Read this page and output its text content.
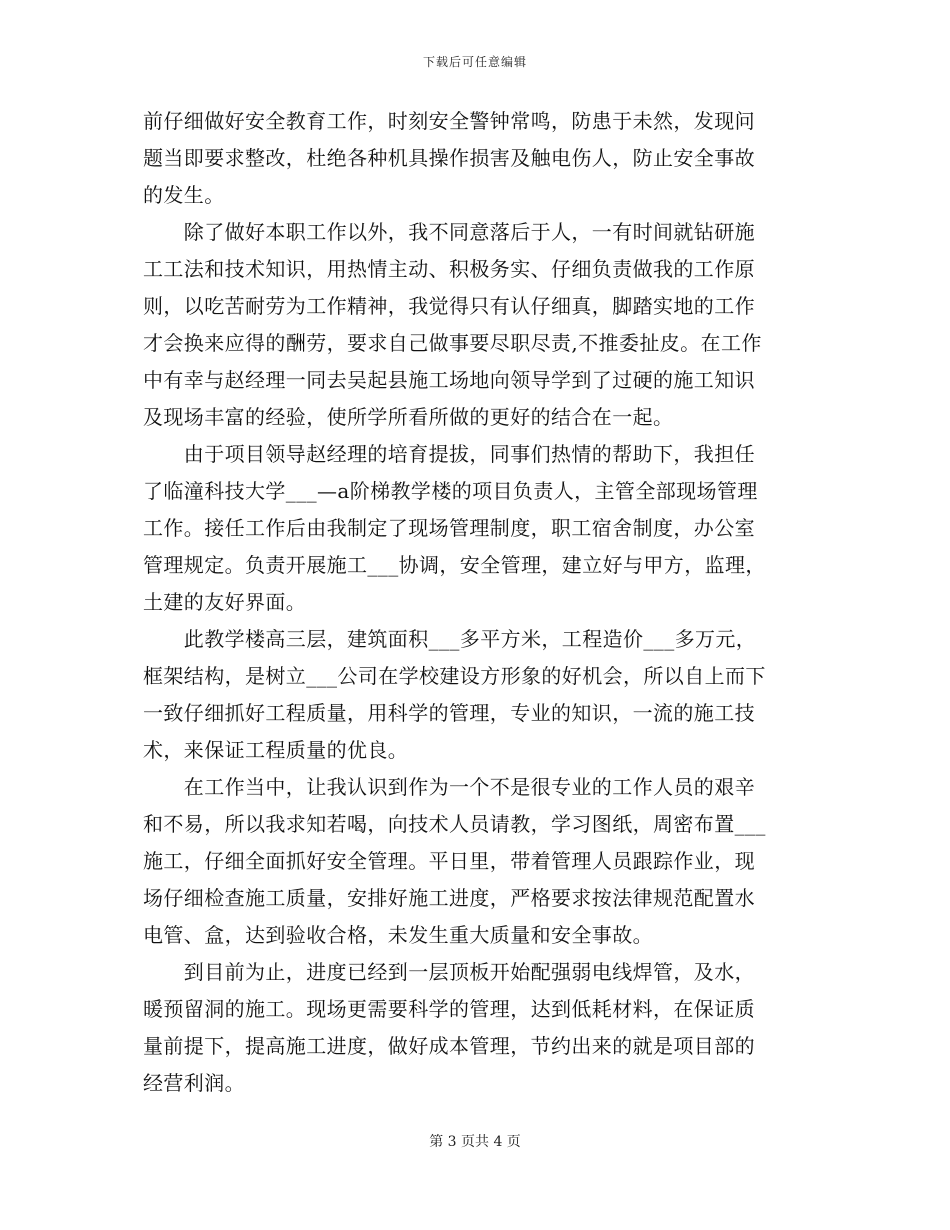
下载后可任意编辑
前仔细做好安全教育工作，时刻安全警钟常鸣，防患于未然，发现问
题当即要求整改，杜绝各种机具操作损害及触电伤人，防止安全事故
的发生。
　　除了做好本职工作以外，我不同意落后于人，一有时间就钻研施
工工法和技术知识，用热情主动、积极务实、仔细负责做我的工作原
则，以吃苦耐劳为工作精神，我觉得只有认仔细真，脚踏实地的工作
才会换来应得的酬劳，要求自己做事要尽职尽责,不推委扯皮。在工作
中有幸与赵经理一同去吴起县施工场地向领导学到了过硬的施工知识
及现场丰富的经验，使所学所看所做的更好的结合在一起。
　　由于项目领导赵经理的培育提拔，同事们热情的帮助下，我担任
了临潼科技大学___—a阶梯教学楼的项目负责人，主管全部现场管理
工作。接任工作后由我制定了现场管理制度，职工宿舍制度，办公室
管理规定。负责开展施工___协调，安全管理，建立好与甲方，监理，
土建的友好界面。
　　此教学楼高三层，建筑面积___多平方米，工程造价___多万元，
框架结构，是树立___公司在学校建设方形象的好机会，所以自上而下
一致仔细抓好工程质量，用科学的管理，专业的知识，一流的施工技
术，来保证工程质量的优良。
　　在工作当中，让我认识到作为一个不是很专业的工作人员的艰辛
和不易，所以我求知若喝，向技术人员请教，学习图纸，周密布置___
施工，仔细全面抓好安全管理。平日里，带着管理人员跟踪作业，现
场仔细检查施工质量，安排好施工进度，严格要求按法律规范配置水
电管、盒，达到验收合格，未发生重大质量和安全事故。
　　到目前为止，进度已经到一层顶板开始配强弱电线焊管，及水，
暖预留洞的施工。现场更需要科学的管理，达到低耗材料，在保证质
量前提下，提高施工进度，做好成本管理，节约出来的就是项目部的
经营利润。
第 3 页共 4 页
